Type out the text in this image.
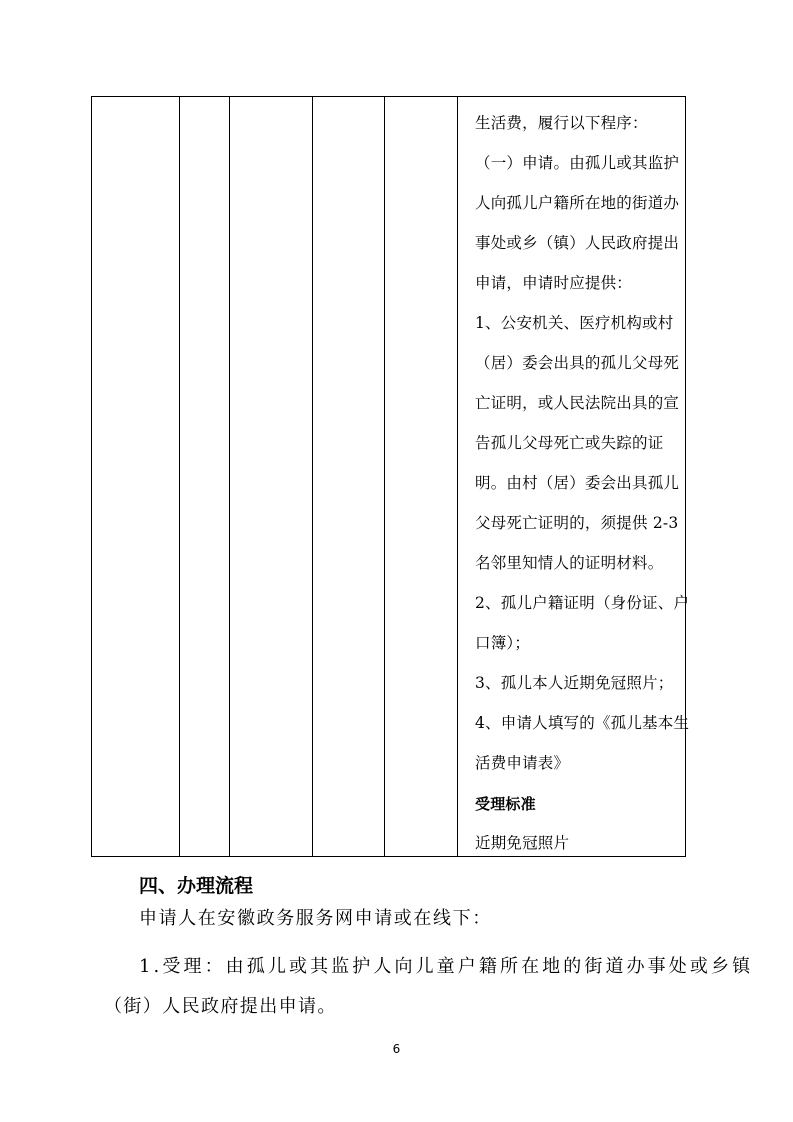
生活费，履行以下程序：
（一）申请。由孤儿或其监护
人向孤儿户籍所在地的街道办
事处或乡（镇）人民政府提出
申请，申请时应提供：
1、公安机关、医疗机构或村
（居）委会出具的孤儿父母死
亡证明，或人民法院出具的宣
告孤儿父母死亡或失踪的证
明。由村（居）委会出具孤儿
父母死亡证明的，须提供 2-3
名邻里知情人的证明材料。
2、孤儿户籍证明（身份证、户
口簿）；
3、孤儿本人近期免冠照片；
4、申请人填写的《孤儿基本生
活费申请表》
受理标准
近期免冠照片
四、办理流程
申请人在安徽政务服务网申请或在线下：
1.受理：由孤儿或其监护人向儿童户籍所在地的街道办事处或乡镇
（街）人民政府提出申请。
6
